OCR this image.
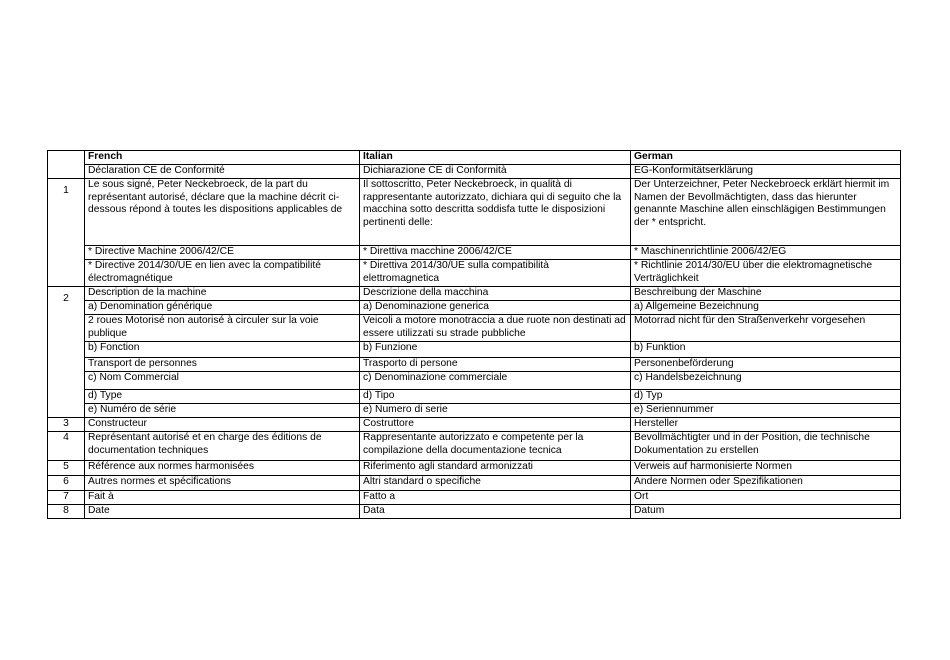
	French	Italian	German
	Déclaration CE de Conformité	Dichiarazione CE di Conformità	EG-Konformitätserklärung
1	Le sous signé, Peter Neckebroeck, de la part du représentant autorisé, déclare que la machine décrit ci-dessous répond à toutes les dispositions applicables de	Il sottoscritto, Peter Neckebroeck, in qualità di rappresentante autorizzato, dichiara qui di seguito che la macchina sotto descritta soddisfa tutte le disposizioni pertinenti delle:	Der Unterzeichner, Peter Neckebroeck erklärt hiermit im Namen der Bevollmächtigten, dass das hierunter genannte Maschine allen einschlägigen Bestimmungen der * entspricht.
	* Directive Machine 2006/42/CE	* Direttiva macchine 2006/42/CE	* Maschinenrichtlinie 2006/42/EG
	* Directive 2014/30/UE en lien avec la compatibilité électromagnétique	* Direttiva 2014/30/UE sulla compatibilità elettromagnetica	* Richtlinie 2014/30/EU über die elektromagnetische Verträglichkeit
2	Description de la machine	Descrizione della macchina	Beschreibung der Maschine
	a) Denomination générique	a) Denominazione generica	a) Allgemeine Bezeichnung
	2 roues Motorisé non autorisé à circuler sur la voie publique	Veicoli a motore monotraccia a due ruote non destinati ad essere utilizzati su strade pubbliche	Motorrad nicht für den Straßenverkehr vorgesehen
	b) Fonction	b) Funzione	b) Funktion
	Transport de personnes	Trasporto di persone	Personenbeförderung
	c) Nom Commercial	c) Denominazione commerciale	c) Handelsbezeichnung
	d) Type	d) Tipo	d) Typ
	e) Numéro de série	e) Numero di serie	e) Seriennummer
3	Constructeur	Costruttore	Hersteller
4	Représentant autorisé et en charge des éditions de documentation techniques	Rappresentante autorizzato e competente per la compilazione della documentazione tecnica	Bevollmächtigter und in der Position, die technische Dokumentation zu erstellen
5	Référence aux normes harmonisées	Riferimento agli standard armonizzati	Verweis auf harmonisierte Normen
6	Autres normes et spécifications	Altri standard o specifiche	Andere Normen oder Spezifikationen
7	Fait à	Fatto a	Ort
8	Date	Data	Datum
